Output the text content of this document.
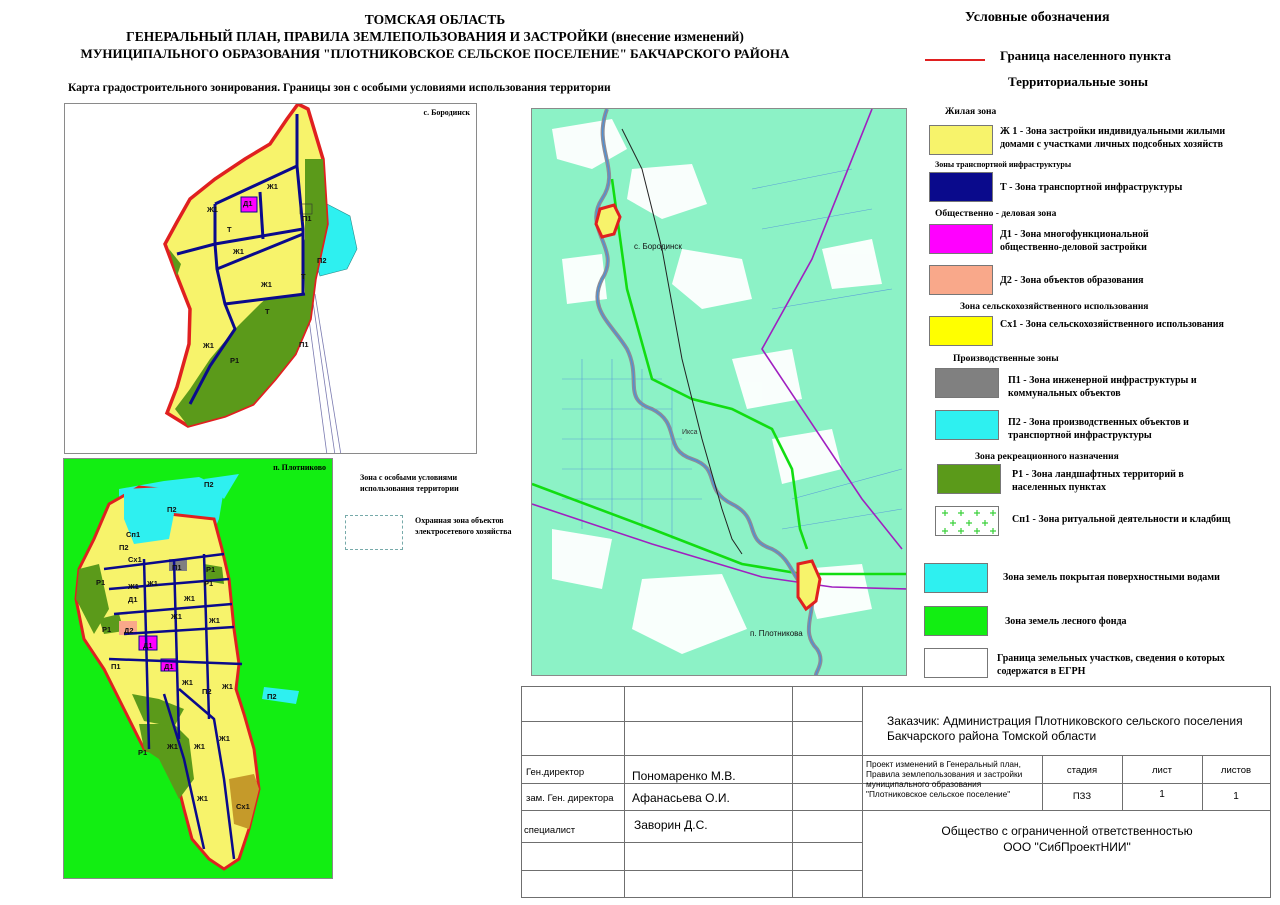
ТОМСКАЯ ОБЛАСТЬ
ГЕНЕРАЛЬНЫЙ ПЛАН, ПРАВИЛА ЗЕМЛЕПОЛЬЗОВАНИЯ И ЗАСТРОЙКИ (внесение изменений)
МУНИЦИПАЛЬНОГО ОБРАЗОВАНИЯ "ПЛОТНИКОВСКОЕ СЕЛЬСКОЕ ПОСЕЛЕНИЕ" БАКЧАРСКОГО РАЙОНА
Карта градостроительного зонирования. Границы зон с особыми условиями использования территории
с. Бородинск
Ж1
Ж1
Ж1
Ж1
Ж1
П1
П1
Р1
П2
Д1
Т
Т
Т
п. Плотниково
П2
П2
Сп1
П2
Сх1
П1	Р1
Р1	Ж1	Р1
Ж1
Д1	Ж1
Ж1	Ж1
Р1 Д2
Д1
Д1
П1
Ж1
П2
Ж1
П2
Ж1 Ж1
Ж1
Р1
Ж1
Сх1
Зона с особыми условиями использования территории
Охранная зона объектов электросетевого хозяйства
с. Бородинск
п. Плотникова
Икса
Условные обозначения
Граница населенного пункта
Территориальные зоны
Жилая зона
Ж 1 - Зона застройки индивидуальными жилыми домами с участками личных подсобных хозяйств
Зоны транспортной инфраструктуры
Т - Зона транспортной инфраструктуры
Общественно - деловая зона
Д1 - Зона многофункциональной общественно-деловой застройки
Д2 - Зона объектов образования
Зона сельскохозяйственного использования
Сх1 - Зона сельскохозяйственного использования
Производственные зоны
П1 - Зона инженерной инфраструктуры и коммунальных объектов
П2 - Зона производственных объектов и транспортной инфраструктуры
Зона рекреационного назначения
Р1 - Зона ландшафтных территорий в населенных пунктах
Сп1 - Зона ритуальной деятельности и кладбищ
Зона земель покрытая поверхностными водами
Зона земель лесного фонда
Граница земельных участков, сведения о которых содержатся в ЕГРН
Заказчик: Администрация Плотниковского сельского поселения Бакчарского района Томской области
Ген.директор	Пономаренко М.В.
зам. Ген. директора Афанасьева О.И.
специалист	Заворин Д.С.
Проект изменений в Генеральный план, Правила землепользования и застройки муниципального образования "Плотниковское сельское поселение"
стадия	лист	листов
ПЗЗ	1	1
Общество с ограниченной ответственностью
ООО "СибПроектНИИ"
